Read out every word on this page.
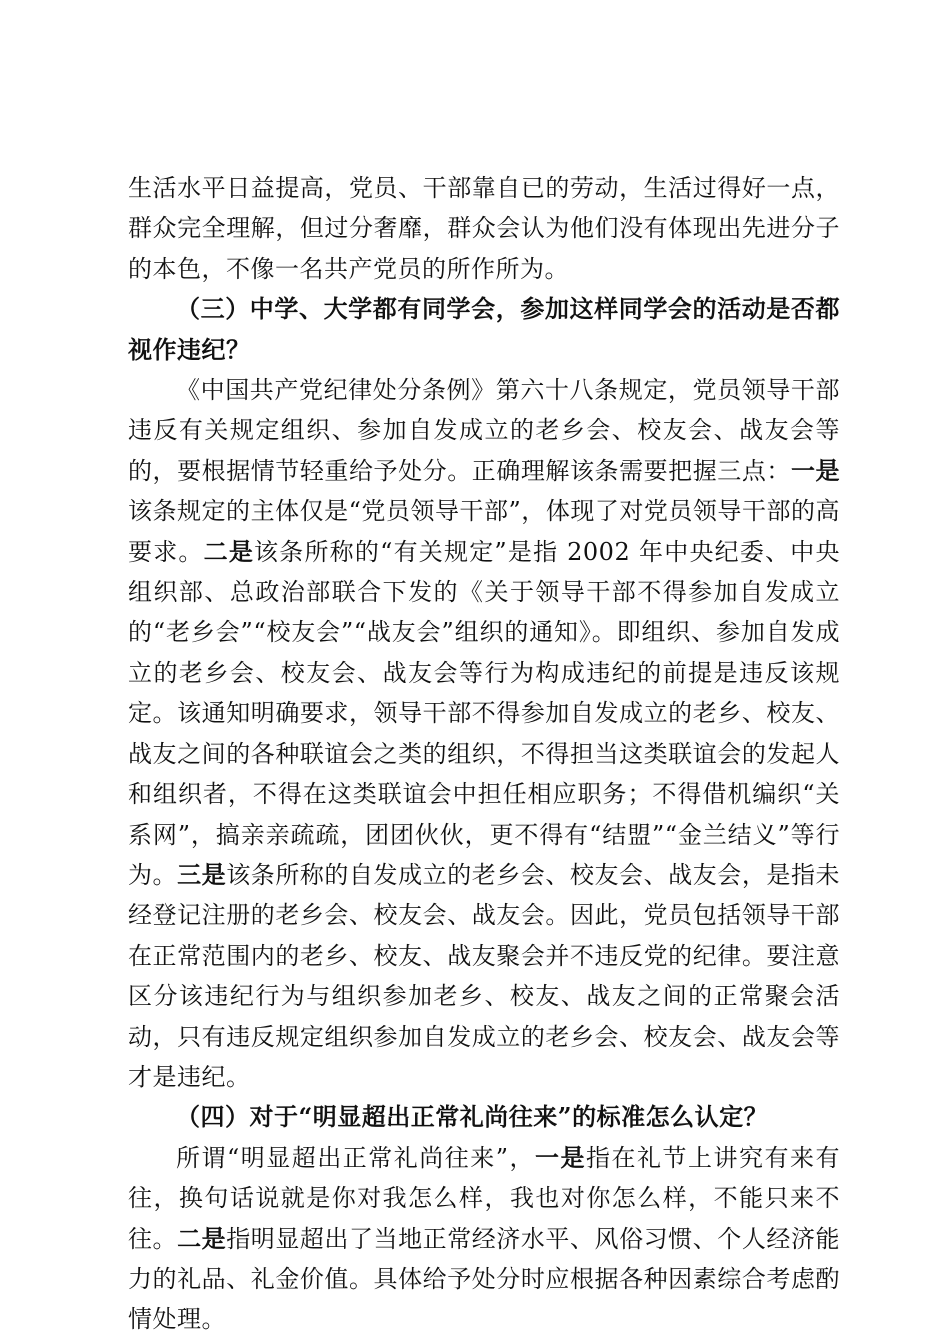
生活水平日益提高，党员、干部靠自已的劳动，生活过得好一点，群众完全理解，但过分奢靡，群众会认为他们没有体现出先进分子的本色，不像一名共产党员的所作所为。

（三）中学、大学都有同学会，参加这样同学会的活动是否都视作违纪？

《中国共产党纪律处分条例》第六十八条规定，党员领导干部违反有关规定组织、参加自发成立的老乡会、校友会、战友会等的，要根据情节轻重给予处分。正确理解该条需要把握三点：一是该条规定的主体仅是“党员领导干部”，体现了对党员领导干部的高要求。二是该条所称的“有关规定”是指 2002 年中央纪委、中央组织部、总政治部联合下发的《关于领导干部不得参加自发成立的“老乡会”“校友会”“战友会”组织的通知》。即组织、参加自发成立的老乡会、校友会、战友会等行为构成违纪的前提是违反该规定。该通知明确要求，领导干部不得参加自发成立的老乡、校友、战友之间的各种联谊会之类的组织，不得担当这类联谊会的发起人和组织者，不得在这类联谊会中担任相应职务；不得借机编织“关系网”，搞亲亲疏疏，团团伙伙，更不得有“结盟”“金兰结义”等行为。三是该条所称的自发成立的老乡会、校友会、战友会，是指未经登记注册的老乡会、校友会、战友会。因此，党员包括领导干部在正常范围内的老乡、校友、战友聚会并不违反党的纪律。要注意区分该违纪行为与组织参加老乡、校友、战友之间的正常聚会活动，只有违反规定组织参加自发成立的老乡会、校友会、战友会等才是违纪。

（四）对于“明显超出正常礼尚往来”的标准怎么认定？

所谓“明显超出正常礼尚往来”，一是指在礼节上讲究有来有往，换句话说就是你对我怎么样，我也对你怎么样，不能只来不往。二是指明显超出了当地正常经济水平、风俗习惯、个人经济能力的礼品、礼金价值。具体给予处分时应根据各种因素综合考虑酌情处理。
